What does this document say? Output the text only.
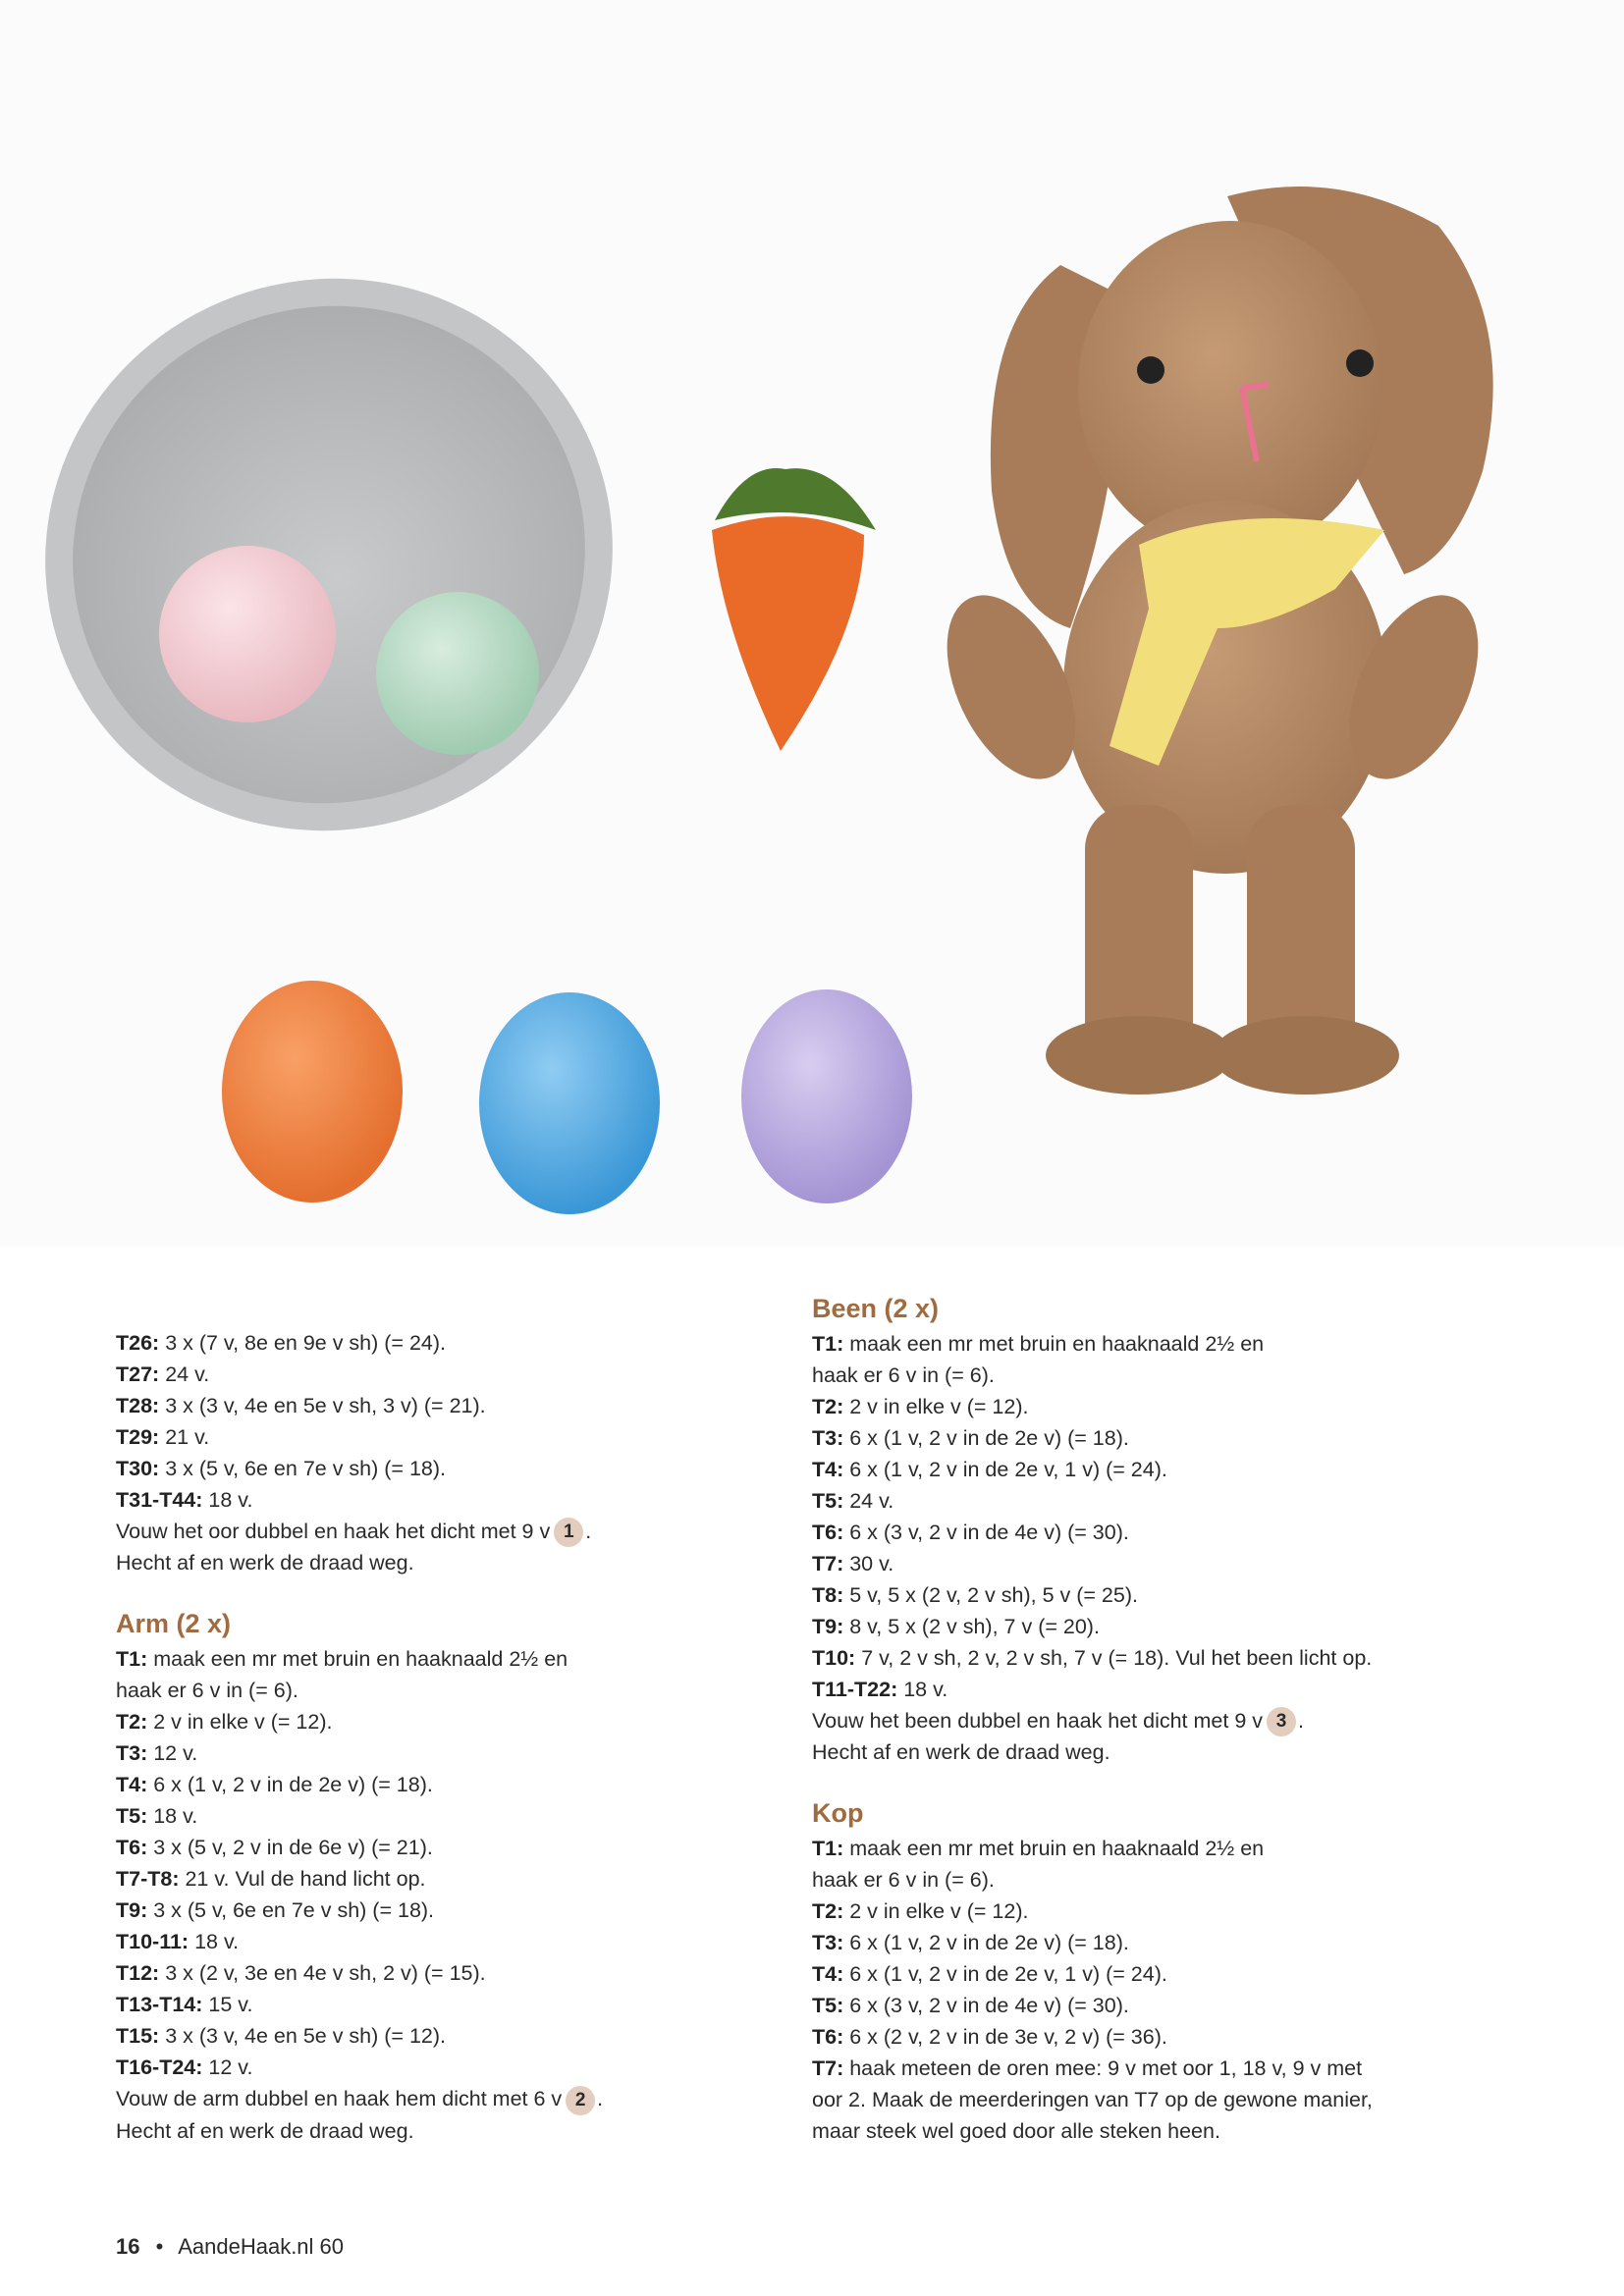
T26: 3 x (7 v, 8e en 9e v sh) (= 24).
T27: 24 v.
T28: 3 x (3 v, 4e en 5e v sh, 3 v) (= 21).
T29: 21 v.
T30: 3 x (5 v, 6e en 7e v sh) (= 18).
T31-T44: 18 v.
Vouw het oor dubbel en haak het dicht met 9 v 1 .
Hecht af en werk de draad weg.
Arm (2 x)
T1: maak een mr met bruin en haaknaald 2½ en
haak er 6 v in (= 6).
T2: 2 v in elke v (= 12).
T3: 12 v.
T4: 6 x (1 v, 2 v in de 2e v) (= 18).
T5: 18 v.
T6: 3 x (5 v, 2 v in de 6e v) (= 21).
T7-T8: 21 v. Vul de hand licht op.
T9: 3 x (5 v, 6e en 7e v sh) (= 18).
T10-11: 18 v.
T12: 3 x (2 v, 3e en 4e v sh, 2 v) (= 15).
T13-T14: 15 v.
T15: 3 x (3 v, 4e en 5e v sh) (= 12).
T16-T24: 12 v.
Vouw de arm dubbel en haak hem dicht met 6 v 2 .
Hecht af en werk de draad weg.
Been (2 x)
T1: maak een mr met bruin en haaknaald 2½ en
haak er 6 v in (= 6).
T2: 2 v in elke v (= 12).
T3: 6 x (1 v, 2 v in de 2e v) (= 18).
T4: 6 x (1 v, 2 v in de 2e v, 1 v) (= 24).
T5: 24 v.
T6: 6 x (3 v, 2 v in de 4e v) (= 30).
T7: 30 v.
T8: 5 v, 5 x (2 v, 2 v sh), 5 v (= 25).
T9: 8 v, 5 x (2 v sh), 7 v (= 20).
T10: 7 v, 2 v sh, 2 v, 2 v sh, 7 v (= 18). Vul het been licht op.
T11-T22: 18 v.
Vouw het been dubbel en haak het dicht met 9 v 3 .
Hecht af en werk de draad weg.
Kop
T1: maak een mr met bruin en haaknaald 2½ en
haak er 6 v in (= 6).
T2: 2 v in elke v (= 12).
T3: 6 x (1 v, 2 v in de 2e v) (= 18).
T4: 6 x (1 v, 2 v in de 2e v, 1 v) (= 24).
T5: 6 x (3 v, 2 v in de 4e v) (= 30).
T6: 6 x (2 v, 2 v in de 3e v, 2 v) (= 36).
T7: haak meteen de oren mee: 9 v met oor 1, 18 v, 9 v met
oor 2. Maak de meerderingen van T7 op de gewone manier,
maar steek wel goed door alle steken heen.
16 • AandeHaak.nl 60
